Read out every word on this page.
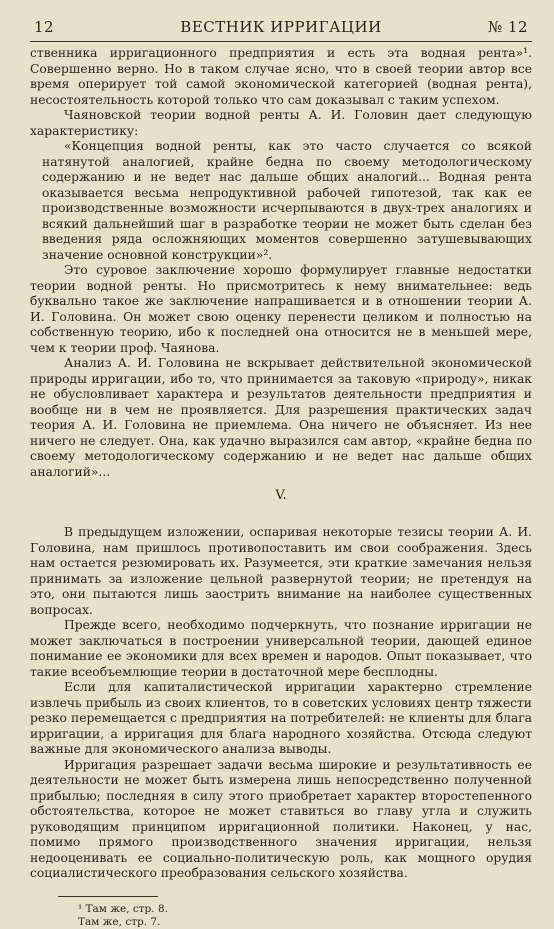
12	ВЕСТНИК ИРРИГАЦИИ	№ 12

ственника ирригационного предприятия и есть эта водная рента»¹. Совершенно верно. Но в таком случае ясно, что в своей теории автор все время оперирует той самой экономической категорией (водная рента), несостоятельность которой только что сам доказывал с таким успехом.

Чаяновской теории водной ренты А. И. Головин дает следующую характеристику:

«Концепция водной ренты, как это часто случается со всякой натянутой аналогией, крайне бедна по своему методологическому содержанию и не ведет нас дальше общих аналогий... Водная рента оказывается весьма непродуктивной рабочей гипотезой, так как ее производственные возможности исчерпываются в двух-трех аналогиях и всякий дальнейший шаг в разработке теории не может быть сделан без введения ряда осложняющих моментов совершенно затушевывающих значение основной конструкции»².

Это суровое заключение хорошо формулирует главные недостатки теории водной ренты. Но присмотритесь к нему внимательнее: ведь буквально такое же заключение напрашивается и в отношении теории А. И. Головина. Он может свою оценку перенести целиком и полностью на собственную теорию, ибо к последней она относится не в меньшей мере, чем к теории проф. Чаянова.

Анализ А. И. Головина не вскрывает действительной экономической природы ирригации, ибо то, что принимается за таковую «природу», никак не обусловливает характера и результатов деятельности предприятия и вообще ни в чем не проявляется. Для разрешения практических задач теория А. И. Головина не приемлема. Она ничего не объясняет. Из нее ничего не следует. Она, как удачно выразился сам автор, «крайне бедна по своему методологическому содержанию и не ведет нас дальше общих аналогий»...

V.

В предыдущем изложении, оспаривая некоторые тезисы теории А. И. Головина, нам пришлось противопоставить им свои соображения. Здесь нам остается резюмировать их. Разумеется, эти краткие замечания нельзя принимать за изложение цельной развернутой теории; не претендуя на это, они пытаются лишь заострить внимание на наиболее существенных вопросах.

Прежде всего, необходимо подчеркнуть, что познание ирригации не может заключаться в построении универсальной теории, дающей единое понимание ее экономики для всех времен и народов. Опыт показывает, что такие всеобъемлющие теории в достаточной мере бесплодны.

Если для капиталистической ирригации характерно стремление извлечь прибыль из своих клиентов, то в советских условиях центр тяжести резко перемещается с предприятия на потребителей: не клиенты для блага ирригации, а ирригация для блага народного хозяйства. Отсюда следуют важные для экономического анализа выводы.

Ирригация разрешает задачи весьма широкие и результативность ее деятельности не может быть измерена лишь непосредственно полученной прибылью; последняя в силу этого приобретает характер второстепенного обстоятельства, которое не может ставиться во главу угла и служить руководящим принципом ирригационной политики. Наконец, у нас, помимо прямого производственного значения ирригации, нельзя недооценивать ее социально-политическую роль, как мощного орудия социалистического преобразования сельского хозяйства.

¹ Там же, стр. 8.
Там же, стр. 7.
